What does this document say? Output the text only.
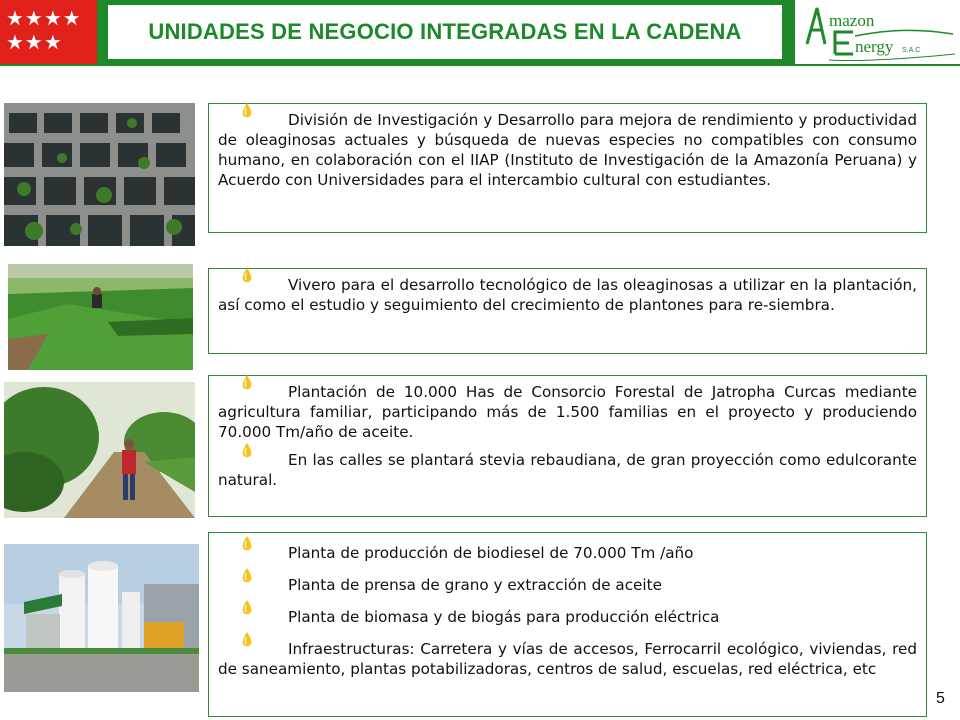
★★★★ ★★★	UNIDADES DE NEGOCIO INTEGRADAS EN LA CADENA	mazon
nergy S.A.C
División de Investigación y Desarrollo para mejora de rendimiento y productividad de oleaginosas actuales y búsqueda de nuevas especies no compatibles con consumo humano, en colaboración con el IIAP (Instituto de Investigación de la Amazonía Peruana) y Acuerdo con Universidades para el intercambio cultural con estudiantes.
Vivero para el desarrollo tecnológico de las oleaginosas a utilizar en la plantación, así como el estudio y seguimiento del crecimiento de plantones para re-siembra.
Plantación de 10.000 Has de Consorcio Forestal de Jatropha Curcas mediante agricultura familiar, participando más de 1.500 familias en el proyecto y produciendo 70.000 Tm/año de aceite.
En las calles se plantará stevia rebaudiana, de gran proyección como edulcorante natural.
Planta de producción de biodiesel de 70.000 Tm /año
Planta de prensa de grano y extracción de aceite
Planta de biomasa y de biogás para producción eléctrica
Infraestructuras: Carretera y vías de accesos, Ferrocarril ecológico, viviendas, red de saneamiento, plantas potabilizadoras, centros de salud, escuelas, red eléctrica, etc
5
